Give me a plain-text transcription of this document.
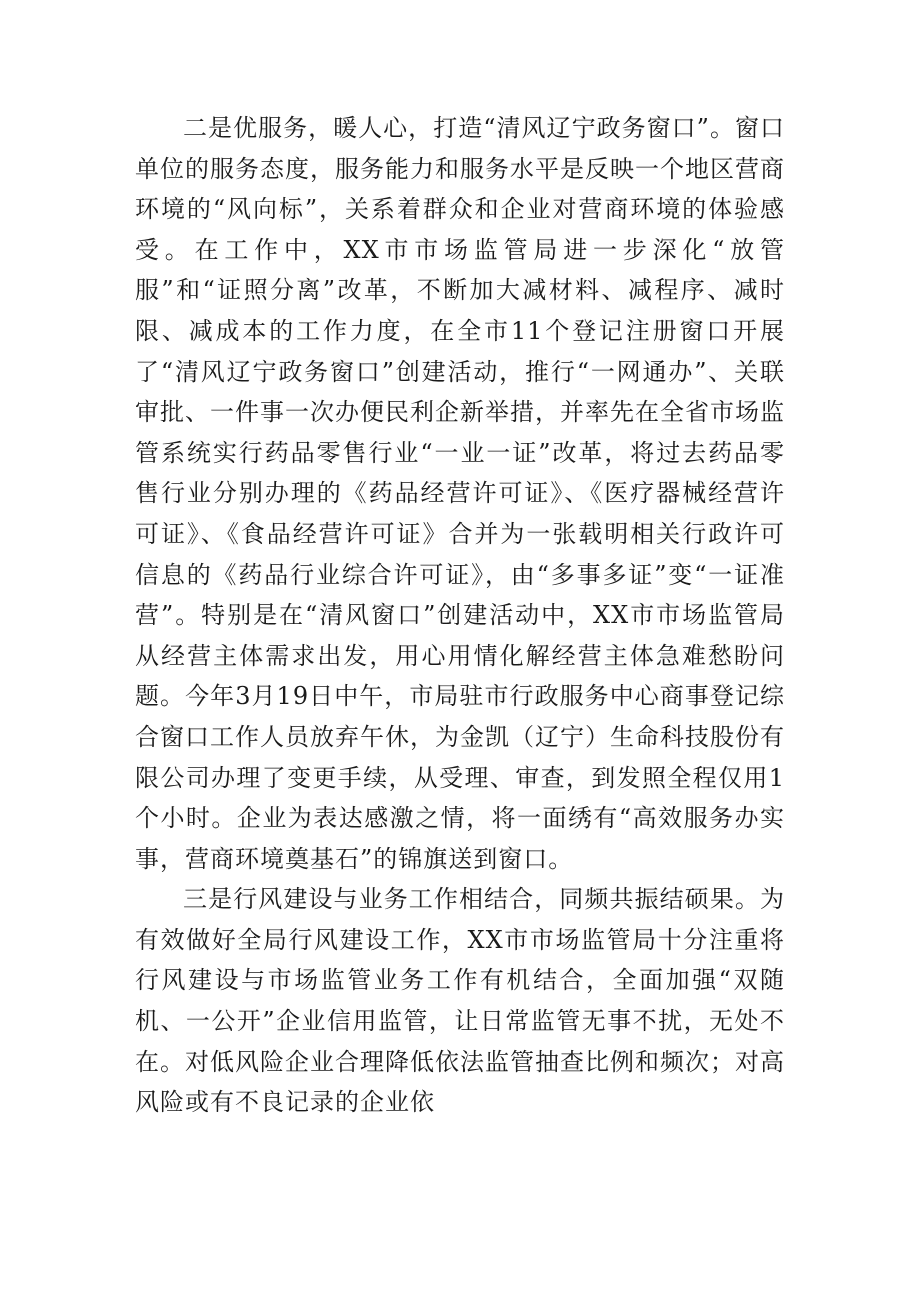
二是优服务，暖人心，打造“清风辽宁政务窗口”。窗口单位的服务态度，服务能力和服务水平是反映一个地区营商环境的“风向标”，关系着群众和企业对营商环境的体验感受。在工作中，XX市市场监管局进一步深化“放管服”和“证照分离”改革，不断加大减材料、减程序、减时限、减成本的工作力度，在全市11个登记注册窗口开展了“清风辽宁政务窗口”创建活动，推行“一网通办”、关联审批、一件事一次办便民利企新举措，并率先在全省市场监管系统实行药品零售行业“一业一证”改革，将过去药品零售行业分别办理的《药品经营许可证》、《医疗器械经营许可证》、《食品经营许可证》合并为一张载明相关行政许可信息的《药品行业综合许可证》，由“多事多证”变“一证准营”。特别是在“清风窗口”创建活动中，XX市市场监管局从经营主体需求出发，用心用情化解经营主体急难愁盼问题。今年3月19日中午，市局驻市行政服务中心商事登记综合窗口工作人员放弃午休，为金凯（辽宁）生命科技股份有限公司办理了变更手续，从受理、审查，到发照全程仅用1个小时。企业为表达感激之情，将一面绣有“高效服务办实事，营商环境奠基石”的锦旗送到窗口。

三是行风建设与业务工作相结合，同频共振结硕果。为有效做好全局行风建设工作，XX市市场监管局十分注重将行风建设与市场监管业务工作有机结合，全面加强“双随机、一公开”企业信用监管，让日常监管无事不扰，无处不在。对低风险企业合理降低依法监管抽查比例和频次；对高风险或有不良记录的企业依
